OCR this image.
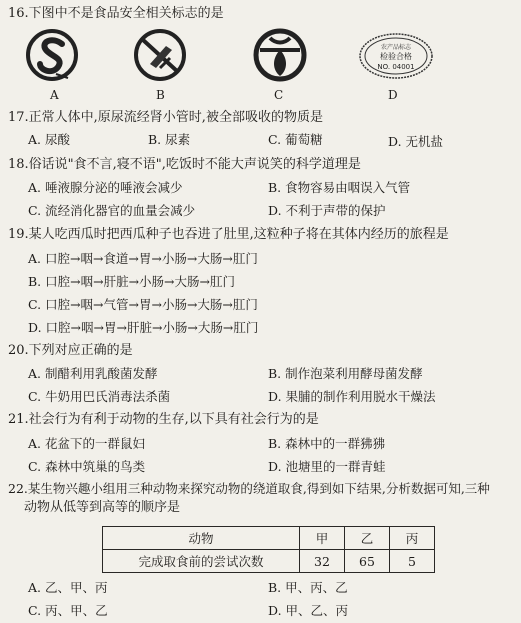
16.下图中不是食品安全相关标志的是
A	B	C
农产品标志
检验合格
NO. 04001
D
17.正常人体中,原尿流经肾小管时,被全部吸收的物质是
A. 尿酸	B. 尿素	C. 葡萄糖	D. 无机盐
18.俗话说"食不言,寝不语",吃饭时不能大声说笑的科学道理是
A. 唾液腺分泌的唾液会减少	B. 食物容易由咽误入气管
C. 流经消化器官的血量会减少	D. 不利于声带的保护
19.某人吃西瓜时把西瓜种子也吞进了肚里,这粒种子将在其体内经历的旅程是
A. 口腔→咽→食道→胃→小肠→大肠→肛门
B. 口腔→咽→肝脏→小肠→大肠→肛门
C. 口腔→咽→气管→胃→小肠→大肠→肛门
D. 口腔→咽→胃→肝脏→小肠→大肠→肛门
20.下列对应正确的是
A. 制醋利用乳酸菌发酵	B. 制作泡菜利用酵母菌发酵
C. 牛奶用巴氏消毒法杀菌	D. 果脯的制作利用脱水干燥法
21.社会行为有利于动物的生存,以下具有社会行为的是
A. 花盆下的一群鼠妇	B. 森林中的一群狒狒
C. 森林中筑巢的鸟类	D. 池塘里的一群青蛙
22.某生物兴趣小组用三种动物来探究动物的绕道取食,得到如下结果,分析数据可知,三种
动物从低等到高等的顺序是
动物	甲	乙	丙
完成取食前的尝试次数	32	65	5
A. 乙、甲、丙	B. 甲、丙、乙
C. 丙、甲、乙	D. 甲、乙、丙
